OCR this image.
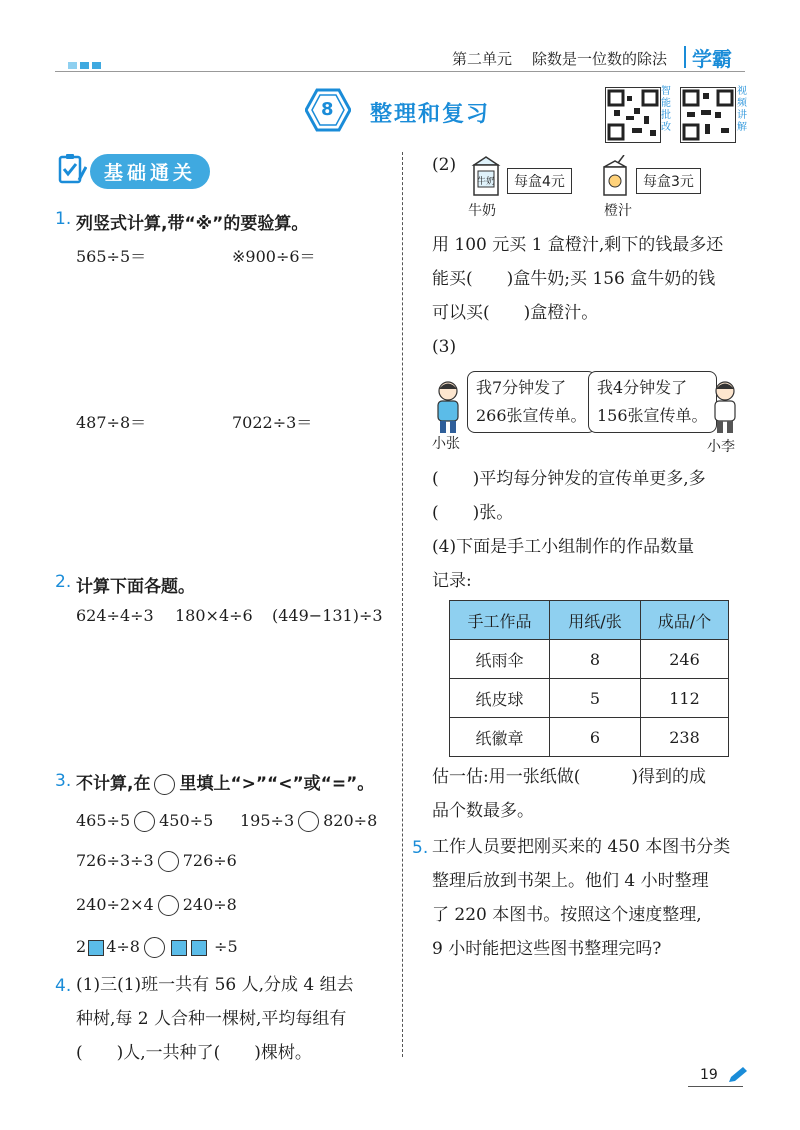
第二单元 除数是一位数的除法 学霸
8 整理和复习
智能批改
视频讲解
基础通关
1. 列竖式计算,带“※”的要验算。
565÷5＝	※900÷6＝
487÷8＝	7022÷3＝
2. 计算下面各题。
624÷4÷3 180×4÷6 (449−131)÷3
3. 不计算,在 里填上“>”“<”或“=”。
465÷5 450÷5 195÷3 820÷8
726÷3÷3 726÷6
240÷2×4 240÷8
2 4÷8	÷5
4. (1)三(1)班一共有 56 人,分成 4 组去
种树,每 2 人合种一棵树,平均每组有
(　　)人,一共种了(　　)棵树。
(2)
牛奶	每盒4元
牛奶
每盒3元
橙汁
用 100 元买 1 盒橙汁,剩下的钱最多还
能买(　　)盒牛奶;买 156 盒牛奶的钱
可以买(　　)盒橙汁。
(3)
我7分钟发了
266张宣传单。
我4分钟发了
156张宣传单。
小张	小李
(　　)平均每分钟发的宣传单更多,多
(　　)张。
(4)下面是手工小组制作的作品数量
记录:
手工作品	用纸/张	成品/个
纸雨伞	8	246
纸皮球	5	112
纸徽章	6	238
估一估:用一张纸做(　　　)得到的成
品个数最多。
5. 工作人员要把刚买来的 450 本图书分类
整理后放到书架上。他们 4 小时整理
了 220 本图书。按照这个速度整理,
9 小时能把这些图书整理完吗?
19
